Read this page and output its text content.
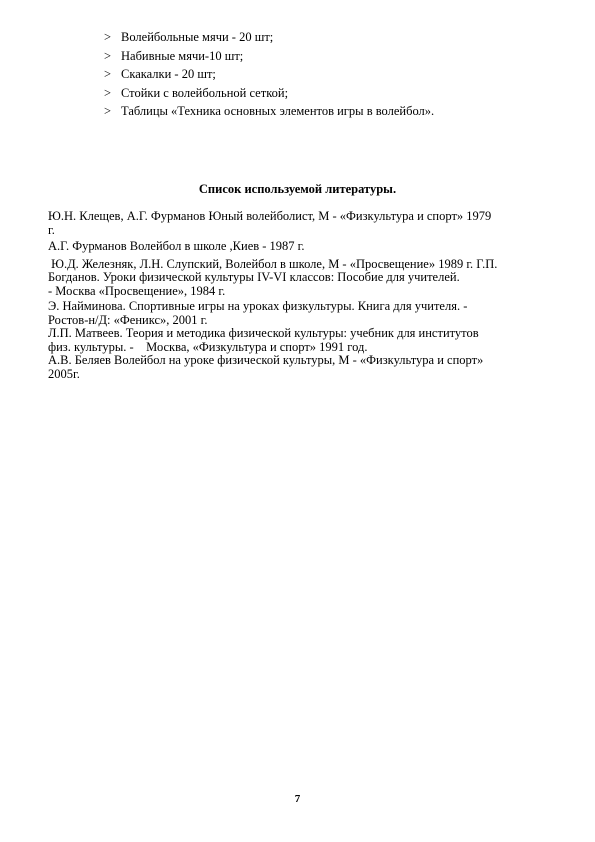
> Волейбольные мячи - 20 шт;
> Набивные мячи-10 шт;
> Скакалки - 20 шт;
> Стойки с волейбольной сеткой;
> Таблицы «Техника основных элементов игры в волейбол».
Список используемой литературы.

Ю.Н. Клещев, А.Г. Фурманов Юный волейболист, М - «Физкультура и спорт» 1979
г.

А.Г. Фурманов Волейбол в школе ,Киев - 1987 г.

Ю.Д. Железняк, Л.Н. Слупский, Волейбол в школе, М - «Просвещение» 1989 г. Г.П.
Богданов. Уроки физической культуры IV-VI классов: Пособие для учителей.
- Москва «Просвещение», 1984 г.

Э. Найминова. Спортивные игры на уроках физкультуры. Книга для учителя. -
Ростов-н/Д: «Феникс», 2001 г.

Л.П. Матвеев. Теория и методика физической культуры: учебник для институтов
физ. культуры. -    Москва, «Физкультура и спорт» 1991 год.

А.В. Беляев Волейбол на уроке физической культуры, М - «Физкультура и спорт»
2005г.

7
